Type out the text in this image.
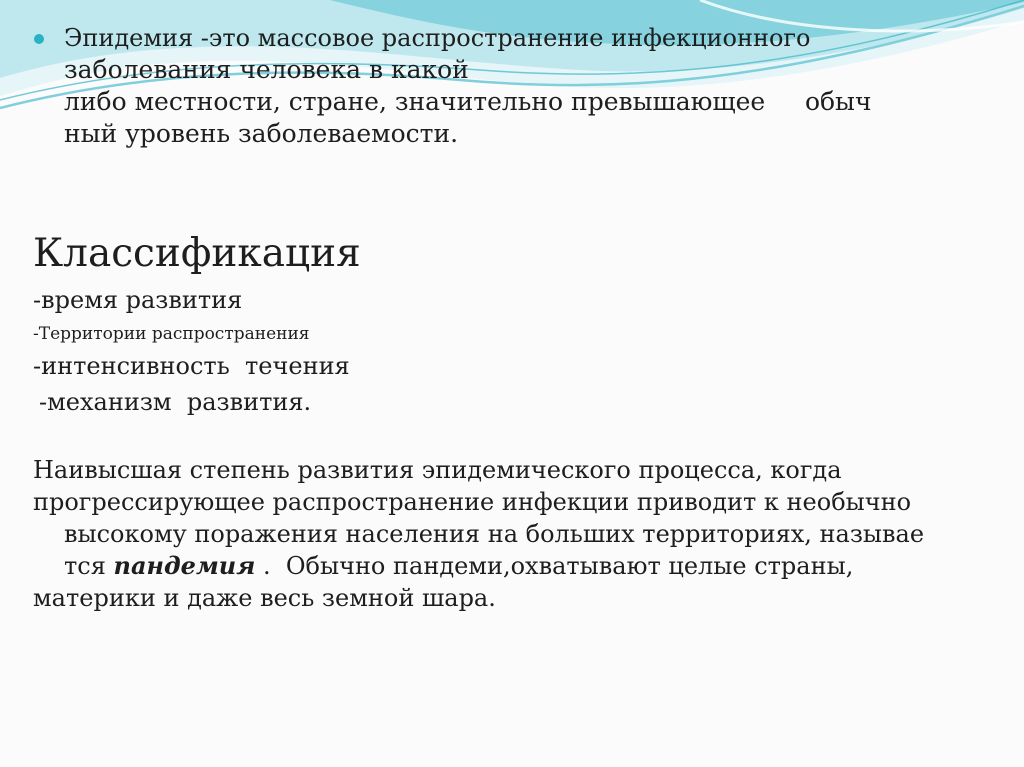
Эпидемия -это массовое распространение инфекционного
заболевания человека в какой
либо местности, стране, значительно превышающее     обыч
ный уровень заболеваемости.

Классификация
-время развития
-Территории распространения
-интенсивность  течения
-механизм  развития.

Наивысшая степень развития эпидемического процесса, когда
прогрессирующее распространение инфекции приводит к необычно
высокому поражения населения на больших территориях, называе
тся пандемия .  Обычно пандеми,охватывают целые страны,
материки и даже весь земной шара.
